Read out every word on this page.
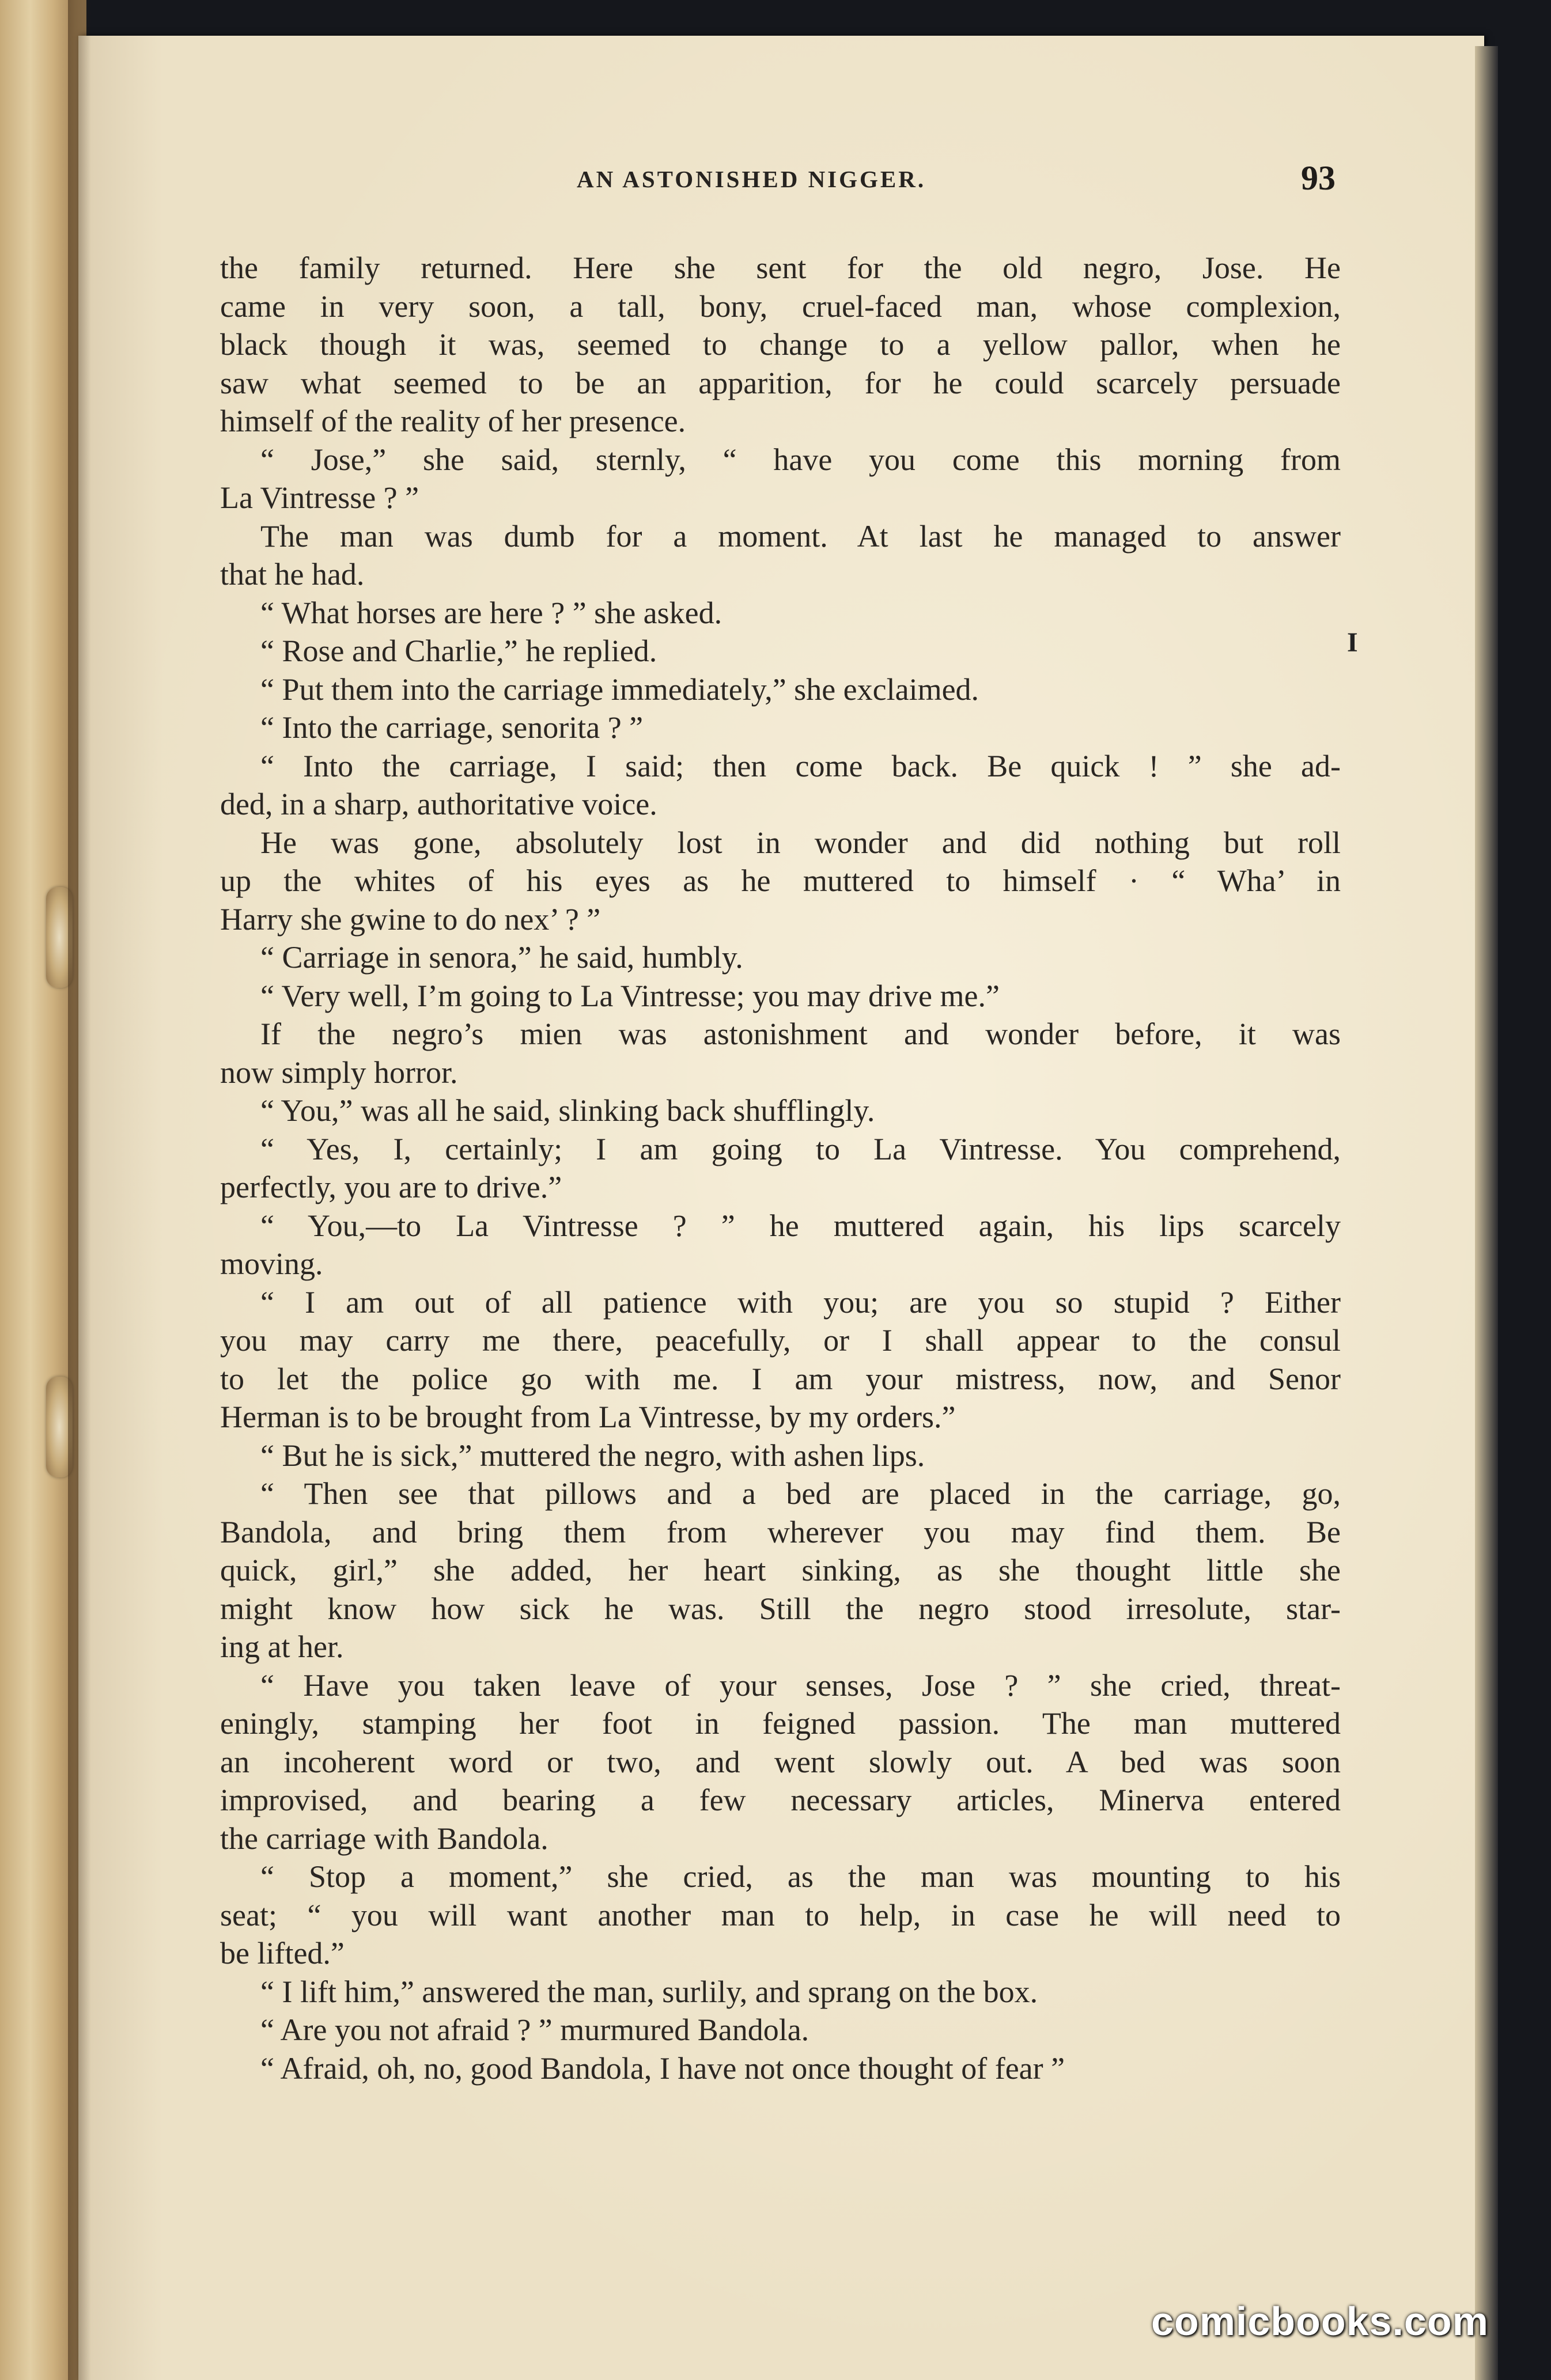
AN ASTONISHED NIGGER.	93
the family returned. Here she sent for the old negro, Jose. He
came in very soon, a tall, bony, cruel-faced man, whose complexion,
black though it was, seemed to change to a yellow pallor, when he
saw what seemed to be an apparition, for he could scarcely persuade
himself of the reality of her presence.
“ Jose,” she said, sternly, “ have you come this morning from
La Vintresse ? ”
The man was dumb for a moment. At last he managed to answer
that he had.
“ What horses are here ? ” she asked.
“ Rose and Charlie,” he replied.
“ Put them into the carriage immediately,” she exclaimed.
“ Into the carriage, senorita ? ”
“ Into the carriage, I said; then come back. Be quick ! ” she ad-
ded, in a sharp, authoritative voice.
He was gone, absolutely lost in wonder and did nothing but roll
up the whites of his eyes as he muttered to himself · “ Wha’ in
Harry she gwine to do nex’ ? ”
“ Carriage in senora,” he said, humbly.
“ Very well, I’m going to La Vintresse; you may drive me.”
If the negro’s mien was astonishment and wonder before, it was
now simply horror.
“ You,” was all he said, slinking back shufflingly.
“ Yes, I, certainly; I am going to La Vintresse. You comprehend,
perfectly, you are to drive.”
“ You,—to La Vintresse ? ” he muttered again, his lips scarcely
moving.
“ I am out of all patience with you; are you so stupid ? Either
you may carry me there, peacefully, or I shall appear to the consul
to let the police go with me. I am your mistress, now, and Senor
Herman is to be brought from La Vintresse, by my orders.”
“ But he is sick,” muttered the negro, with ashen lips.
“ Then see that pillows and a bed are placed in the carriage, go,
Bandola, and bring them from wherever you may find them. Be
quick, girl,” she added, her heart sinking, as she thought little she
might know how sick he was. Still the negro stood irresolute, star-
ing at her.
“ Have you taken leave of your senses, Jose ? ” she cried, threat-
eningly, stamping her foot in feigned passion. The man muttered
an incoherent word or two, and went slowly out. A bed was soon
improvised, and bearing a few necessary articles, Minerva entered
the carriage with Bandola.
“ Stop a moment,” she cried, as the man was mounting to his
seat; “ you will want another man to help, in case he will need to
be lifted.”
“ I lift him,” answered the man, surlily, and sprang on the box.
“ Are you not afraid ? ” murmured Bandola.
“ Afraid, oh, no, good Bandola, I have not once thought of fear ”
I
comicbooks.com
